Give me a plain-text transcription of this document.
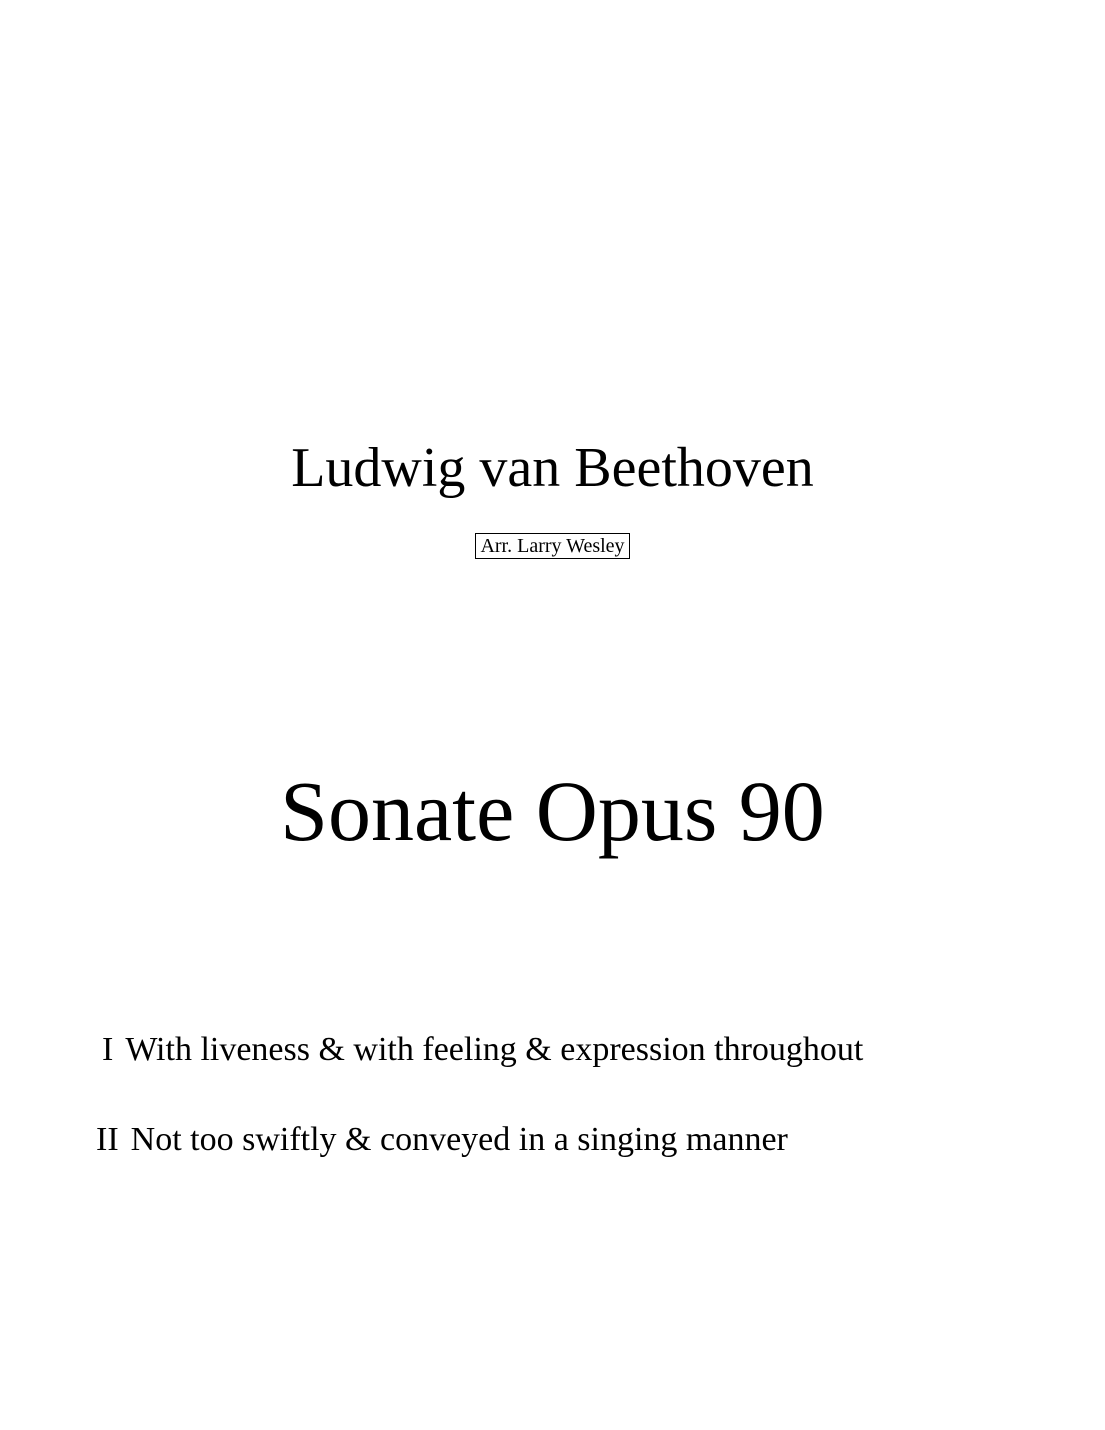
Ludwig van Beethoven
Arr. Larry Wesley
Sonate Opus 90
I With liveness & with feeling & expression throughout
II Not too swiftly & conveyed in a singing manner
